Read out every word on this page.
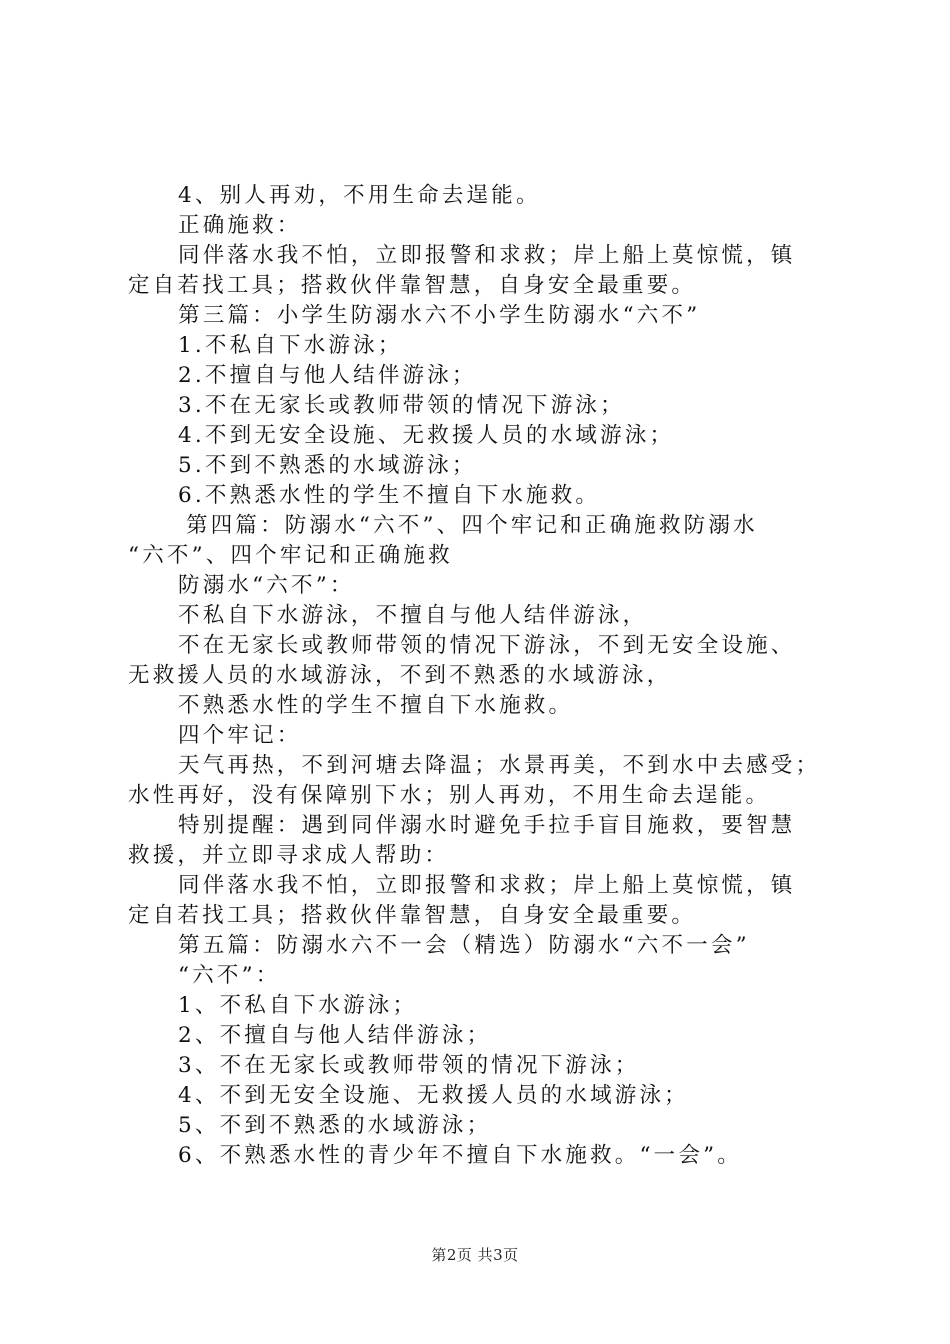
4、别人再劝，不用生命去逞能。
正确施救：
同伴落水我不怕，立即报警和求救；岸上船上莫惊慌，镇
定自若找工具；搭救伙伴靠智慧，自身安全最重要。
第三篇：小学生防溺水六不小学生防溺水“六不”
1.不私自下水游泳；
2.不擅自与他人结伴游泳；
3.不在无家长或教师带领的情况下游泳；
4.不到无安全设施、无救援人员的水域游泳；
5.不到不熟悉的水域游泳；
6.不熟悉水性的学生不擅自下水施救。
第四篇：防溺水“六不”、四个牢记和正确施救防溺水
“六不”、四个牢记和正确施救
防溺水“六不”：
不私自下水游泳，不擅自与他人结伴游泳，
不在无家长或教师带领的情况下游泳，不到无安全设施、
无救援人员的水域游泳，不到不熟悉的水域游泳，
不熟悉水性的学生不擅自下水施救。
四个牢记：
天气再热，不到河塘去降温；水景再美，不到水中去感受；
水性再好，没有保障别下水；别人再劝，不用生命去逞能。
特别提醒：遇到同伴溺水时避免手拉手盲目施救，要智慧
救援，并立即寻求成人帮助：
同伴落水我不怕，立即报警和求救；岸上船上莫惊慌，镇
定自若找工具；搭救伙伴靠智慧，自身安全最重要。
第五篇：防溺水六不一会（精选）防溺水“六不一会”
“六不”：
1、不私自下水游泳；
2、不擅自与他人结伴游泳；
3、不在无家长或教师带领的情况下游泳；
4、不到无安全设施、无救援人员的水域游泳；
5、不到不熟悉的水域游泳；
6、不熟悉水性的青少年不擅自下水施救。“一会”。
第2页 共3页
